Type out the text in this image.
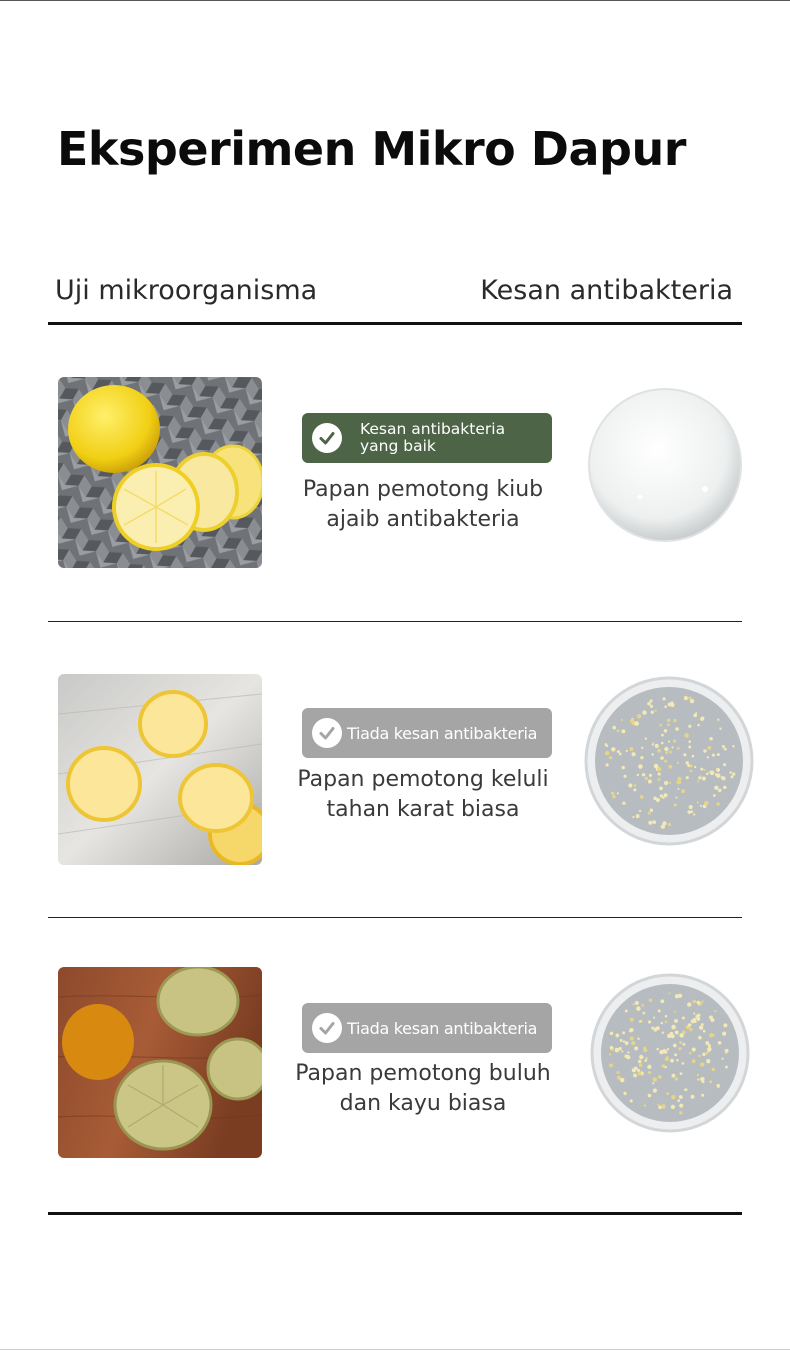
Eksperimen Mikro Dapur
Uji mikroorganisma	Kesan antibakteria
Kesan antibakteria
yang baik
Papan pemotong kiub
ajaib antibakteria
Tiada kesan antibakteria
Papan pemotong keluli
tahan karat biasa
Tiada kesan antibakteria
Papan pemotong buluh
dan kayu biasa
